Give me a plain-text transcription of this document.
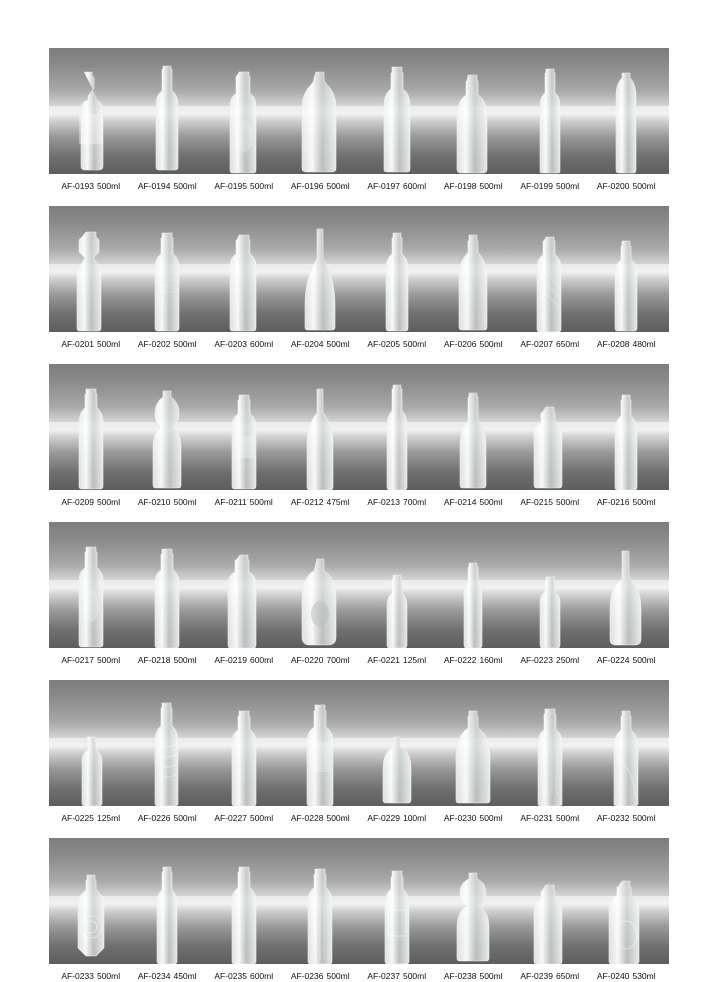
AF-0193 500ml	AF-0194 500ml	AF-0195 500ml	AF-0196 500ml	AF-0197 600ml	AF-0198 500ml	AF-0199 500ml	AF-0200 500ml
AF-0201 500ml	AF-0202 500ml	AF-0203 600ml	AF-0204 500ml	AF-0205 500ml	AF-0206 500ml	AF-0207 650ml	AF-0208 480ml
AF-0209 500ml	AF-0210 500ml	AF-0211 500ml	AF-0212 475ml	AF-0213 700ml	AF-0214 500ml	AF-0215 500ml	AF-0216 500ml
AF-0217 500ml	AF-0218 500ml	AF-0219 600ml	AF-0220 700ml	AF-0221 125ml	AF-0222 160ml	AF-0223 250ml	AF-0224 500ml
AF-0225 125ml	AF-0226 500ml	AF-0227 500ml	AF-0228 500ml	AF-0229 100ml	AF-0230 500ml	AF-0231 500ml	AF-0232 500ml
AF-0233 500ml	AF-0234 450ml	AF-0235 600ml	AF-0236 500ml	AF-0237 500ml	AF-0238 500ml	AF-0239 650ml	AF-0240 530ml
